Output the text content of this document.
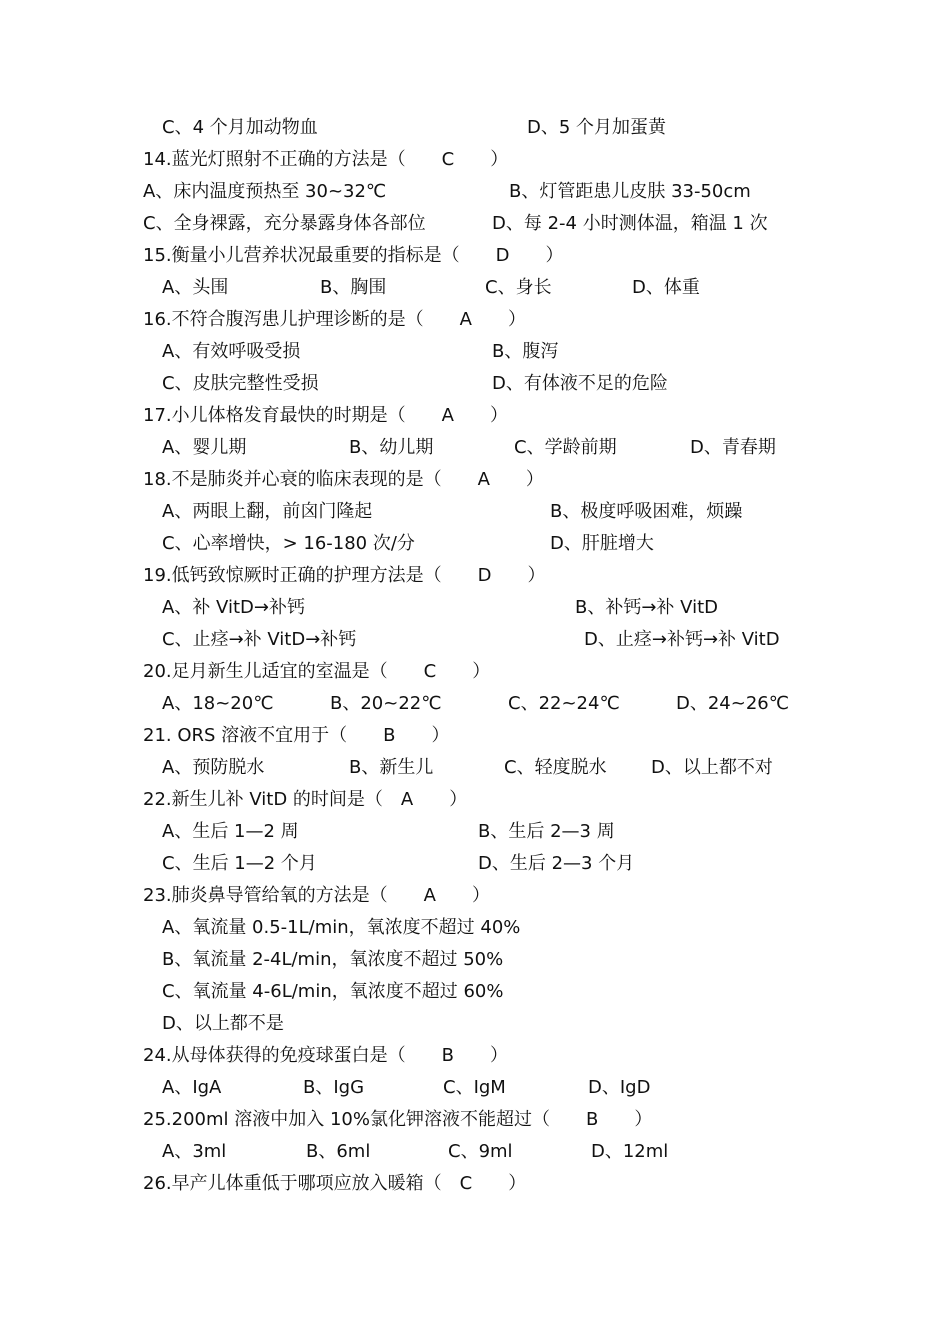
C、4 个月加动物血	D、5 个月加蛋黄
14.蓝光灯照射不正确的方法是（　　C　　）
A、床内温度预热至 30~32℃	B、灯管距患儿皮肤 33-50cm
C、全身裸露，充分暴露身体各部位	D、每 2-4 小时测体温，箱温 1 次
15.衡量小儿营养状况最重要的指标是（　　D　　）
A、头围	B、胸围	C、身长	D、体重
16.不符合腹泻患儿护理诊断的是（　　A　　）
A、有效呼吸受损	B、腹泻
C、皮肤完整性受损	D、有体液不足的危险
17.小儿体格发育最快的时期是（　　A　　）
A、婴儿期	B、幼儿期	C、学龄前期	D、青春期
18.不是肺炎并心衰的临床表现的是（　　A　　）
A、两眼上翻，前囟门隆起	B、极度呼吸困难，烦躁
C、心率增快，> 16-180 次/分	D、肝脏增大
19.低钙致惊厥时正确的护理方法是（　　D　　）
A、补 VitD→补钙	B、补钙→补 VitD
C、止痉→补 VitD→补钙	D、止痉→补钙→补 VitD
20.足月新生儿适宜的室温是（　　C　　）
A、18~20℃	B、20~22℃	C、22~24℃	D、24~26℃
21. ORS 溶液不宜用于（　　B　　）
A、预防脱水	B、新生儿	C、轻度脱水 D、以上都不对
22.新生儿补 VitD 的时间是（　A　　）
A、生后 1—2 周	B、生后 2—3 周
C、生后 1—2 个月	D、生后 2—3 个月
23.肺炎鼻导管给氧的方法是（　　A　　）
A、氧流量 0.5-1L/min，氧浓度不超过 40%
B、氧流量 2-4L/min，氧浓度不超过 50%
C、氧流量 4-6L/min，氧浓度不超过 60%
D、以上都不是
24.从母体获得的免疫球蛋白是（　　B　　）
A、IgA	B、IgG	C、IgM	D、IgD
25.200ml 溶液中加入 10%氯化钾溶液不能超过（　　B　　）
A、3ml	B、6ml	C、9ml	D、12ml
26.早产儿体重低于哪项应放入暖箱（　C　　）
